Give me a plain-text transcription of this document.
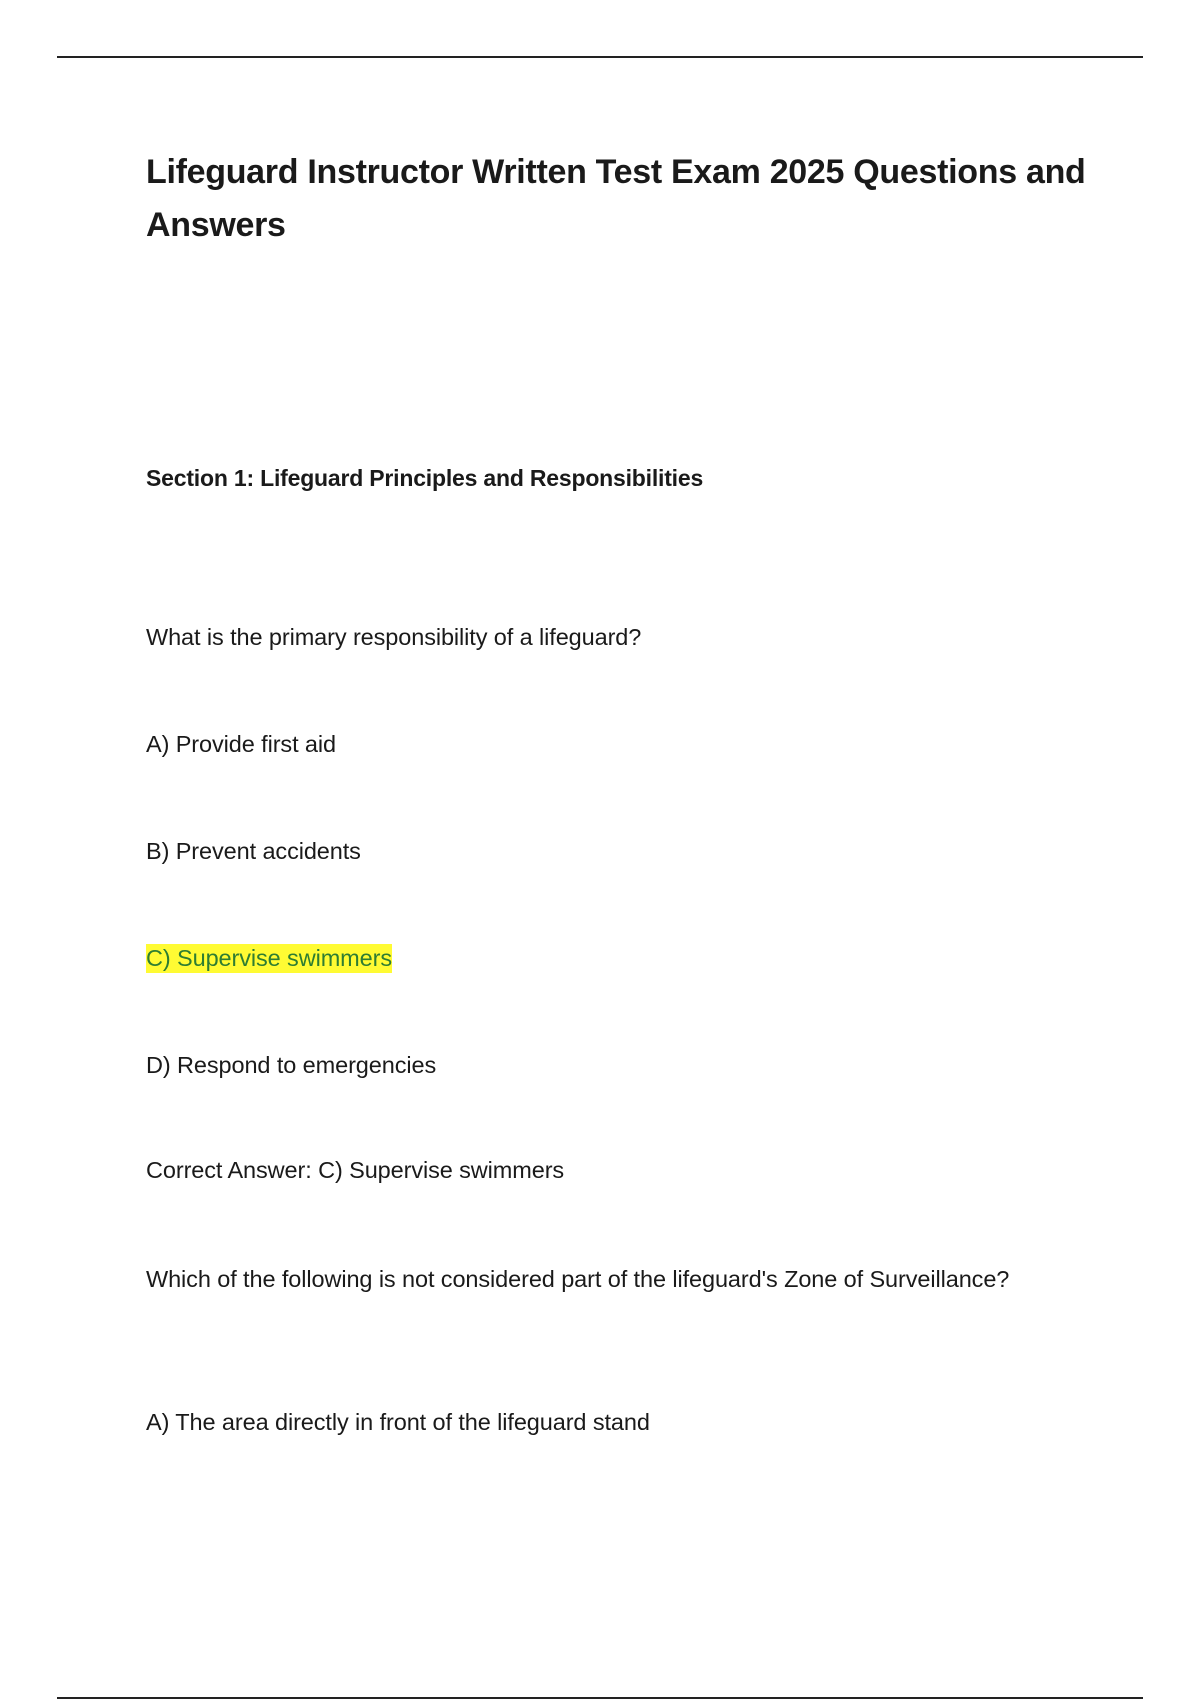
Lifeguard Instructor Written Test Exam 2025 Questions and Answers
Section 1: Lifeguard Principles and Responsibilities

What is the primary responsibility of a lifeguard?

A) Provide first aid

B) Prevent accidents

C) Supervise swimmers

D) Respond to emergencies

Correct Answer: C) Supervise swimmers

Which of the following is not considered part of the lifeguard's Zone of Surveillance?

A) The area directly in front of the lifeguard stand
